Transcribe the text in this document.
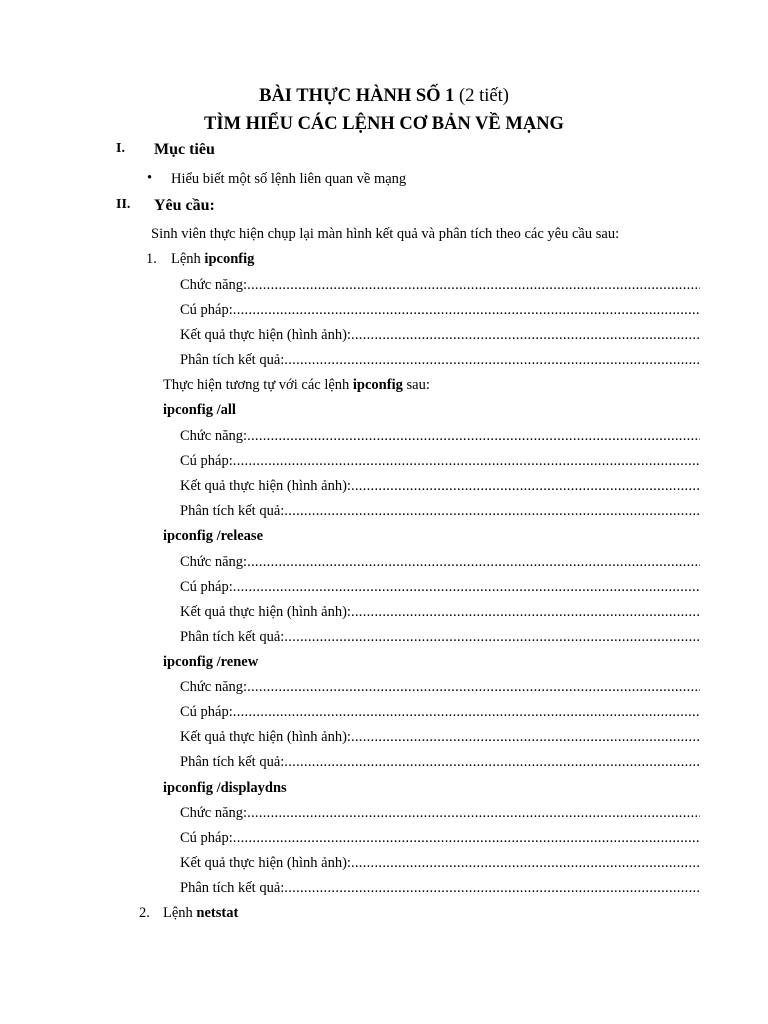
BÀI THỰC HÀNH SỐ 1 (2 tiết)
TÌM HIỂU CÁC LỆNH CƠ BẢN VỀ MẠNG
I. Mục tiêu
• Hiểu biết một số lệnh liên quan về mạng
II. Yêu cầu:
Sinh viên thực hiện chụp lại màn hình kết quả và phân tích theo các yêu cầu sau:
1. Lệnh ipconfig
Chức năng:
.....
Cú pháp:
.....
Kết quả thực hiện (hình ảnh):
.....
Phân tích kết quả:
.....
Thực hiện tương tự với các lệnh ipconfig sau:
ipconfig /all
Chức năng:
.....
Cú pháp:
.....
Kết quả thực hiện (hình ảnh):
.....
Phân tích kết quả:
.....
ipconfig /release
Chức năng:
.....
Cú pháp:
.....
Kết quả thực hiện (hình ảnh):
.....
Phân tích kết quả:
.....
ipconfig /renew
Chức năng:
.....
Cú pháp:
.....
Kết quả thực hiện (hình ảnh):
.....
Phân tích kết quả:
.....
ipconfig /displaydns
Chức năng:
.....
Cú pháp:
.....
Kết quả thực hiện (hình ảnh):
.....
Phân tích kết quả:
.....
2. Lệnh netstat
